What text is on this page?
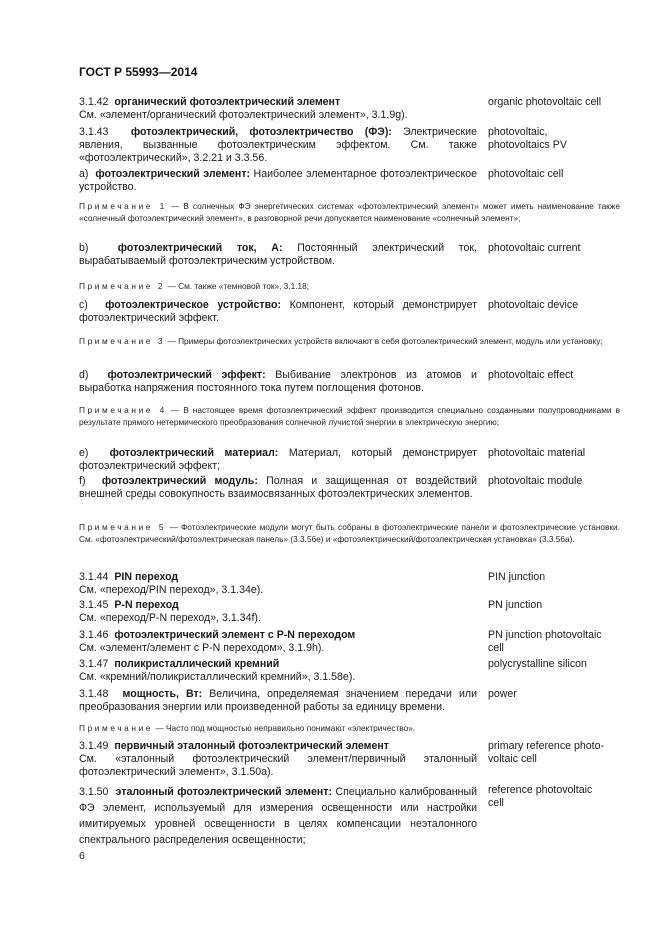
ГОСТ Р 55993—2014

3.1.42 органический фотоэлектрический элемент
См. «элемент/органический фотоэлектрический элемент», 3.1.9g).

organic photovoltaic cell

3.1.43 фотоэлектрический, фотоэлектричество (ФЭ): Электрические явления, вызванные фотоэлектрическим эффектом. См. также «фотоэлектрический», 3.2.21 и 3.3.56.

photovoltaic,
photovoltaics PV

a) фотоэлектрический элемент: Наиболее элементарное фотоэлектрическое устройство.

photovoltaic cell

Примечание 1 — В солнечных ФЭ энергетических системах «фотоэлектрический элемент» может иметь наименование также «солнечный фотоэлектрический элемент», в разговорной речи допускается наименование «солнечный элемент»;

b)	фотоэлектрический ток, А: Постоянный электрический ток, вырабатываемый фотоэлектрическим устройством.

photovoltaic current

Примечание 2 — См. также «темновой ток», 3.1.18;

c) фотоэлектрическое устройство: Компонент, который демонстрирует фотоэлектрический эффект.

photovoltaic device

Примечание 3 — Примеры фотоэлектрических устройств включают в себя фотоэлектрический элемент, модуль или установку;

d) фотоэлектрический эффект: Выбивание электронов из атомов и выработка напряжения постоянного тока путем поглощения фотонов.

photovoltaic effect

Примечание 4 — В настоящее время фотоэлектрический эффект производится специально созданными полупроводниками в результате прямого нетермического преобразования солнечной лучистой энергии в электрическую энергию;

e) фотоэлектрический материал: Материал, который демонстрирует фотоэлектрический эффект;

photovoltaic material

f) фотоэлектрический модуль: Полная и защищенная от воздействий внешней среды совокупность взаимосвязанных фотоэлектрических элементов.

photovoltaic module

Примечание 5 — Фотоэлектрические модули могут быть собраны в фотоэлектрические панели и фотоэлектрические установки. См. «фотоэлектрический/фотоэлектрическая панель» (3.3.56e) и «фотоэлектрический/фотоэлектрическая установка» (3.3.56a).

3.1.44 PIN переход
См. «переход/PIN переход», 3.1.34e).

PIN junction

3.1.45 P-N переход
См. «переход/P-N переход», 3.1.34f).

PN junction

3.1.46 фотоэлектрический элемент с P-N переходом
См. «элемент/элемент с P-N переходом», 3.1.9h).

PN junction photovoltaic
cell

3.1.47 поликристаллический кремний
См. «кремний/поликристаллический кремний», 3.1.58e).

polycrystalline silicon

3.1.48 мощность, Вт: Величина, определяемая значением передачи или преобразования энергии или произведенной работы за единицу времени.

power

Примечание — Часто под мощностью неправильно понимают «электричество».

3.1.49 первичный эталонный фотоэлектрический элемент
См. «эталонный фотоэлектрический элемент/первичный эталонный фотоэлектрический элемент», 3.1.50а).

primary reference photo-
voltaic cell

3.1.50 эталонный фотоэлектрический элемент: Специально калиброванный ФЭ элемент, используемый для измерения освещенности или настройки имитируемых уровней освещенности в целях компенсации неэталонного спектрального распределения освещенности;

reference photovoltaic
cell

6
